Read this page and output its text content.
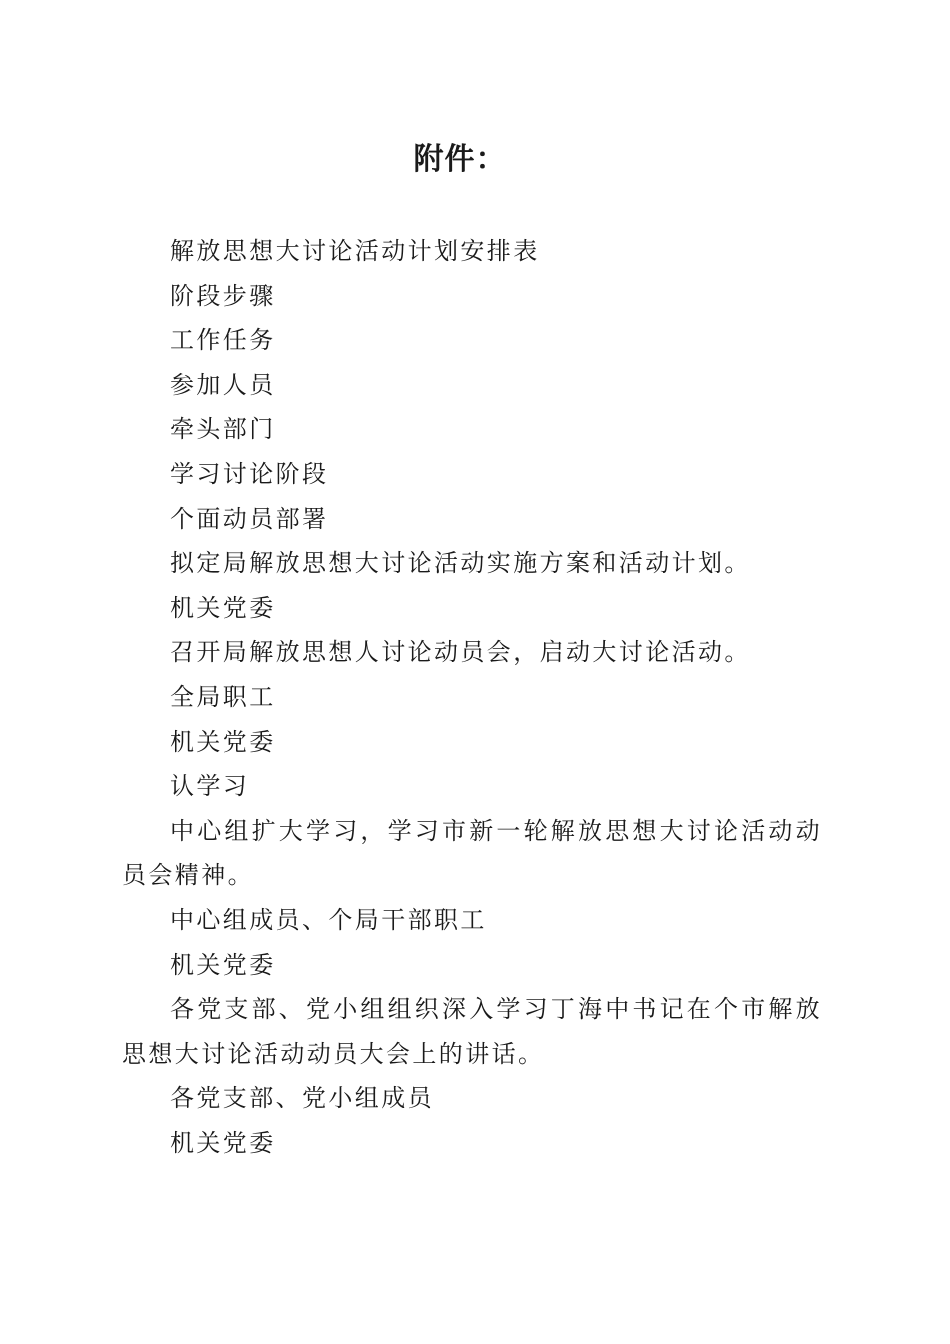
附件：

解放思想大讨论活动计划安排表

阶段步骤

工作任务

参加人员

牵头部门

学习讨论阶段

个面动员部署

拟定局解放思想大讨论活动实施方案和活动计划。

机关党委

召开局解放思想人讨论动员会，启动大讨论活动。

全局职工

机关党委

认学习

中心组扩大学习，学习市新一轮解放思想大讨论活动动员会精神。

中心组成员、个局干部职工

机关党委

各党支部、党小组组织深入学习丁海中书记在个市解放思想大讨论活动动员大会上的讲话。

各党支部、党小组成员

机关党委
